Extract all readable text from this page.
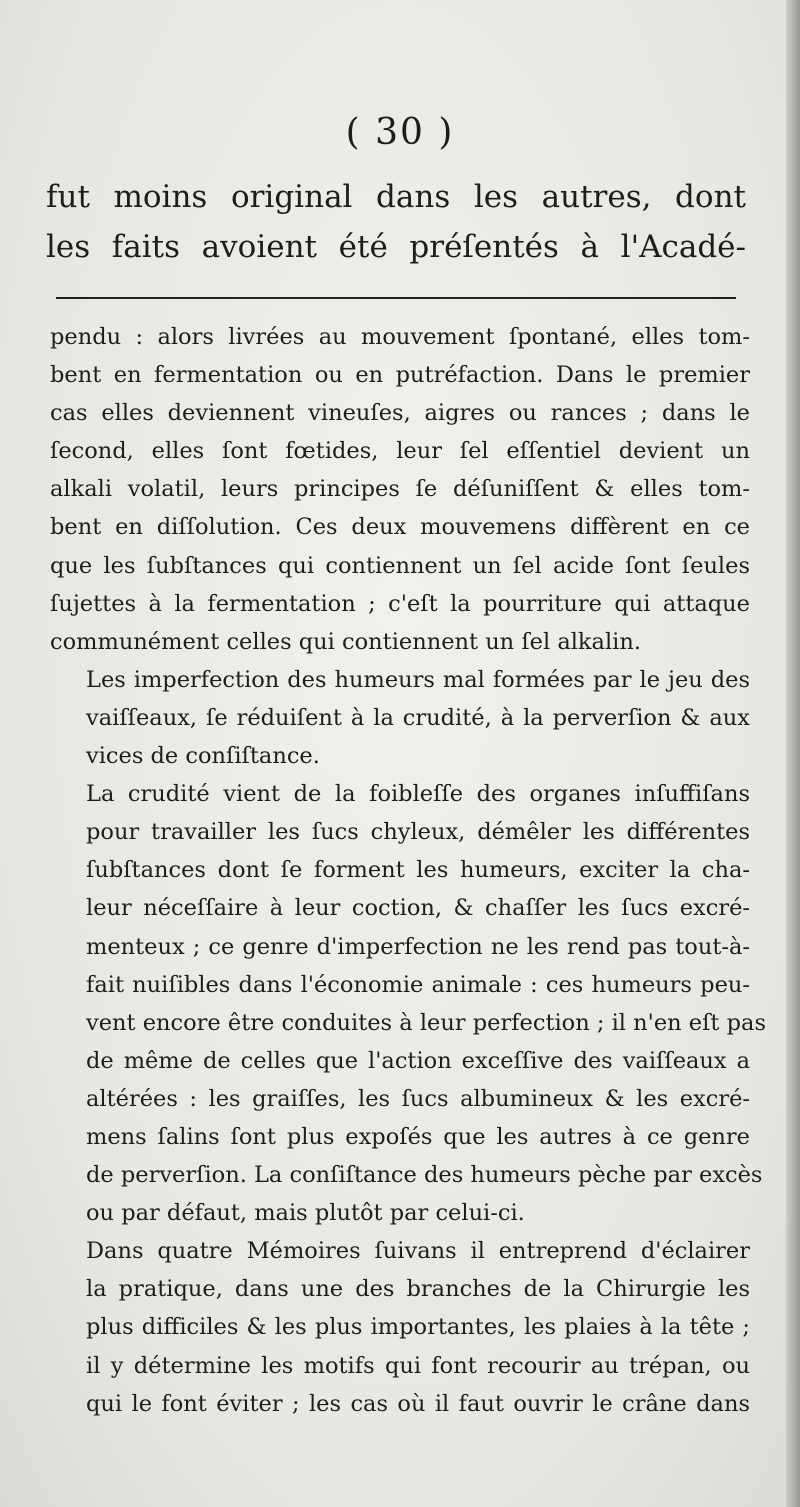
( 30 )

fut moins original dans les autres, dont

les faits avoient été préſentés à l'Acadé-

pendu : alors livrées au mouvement ſpontané, elles tom-
bent en fermentation ou en putréfaction. Dans le premier
cas elles deviennent vineuſes, aigres ou rances ; dans le
ſecond, elles ſont fœtides, leur ſel eſſentiel devient un
alkali volatil, leurs principes ſe déſuniſſent & elles tom-
bent en diſſolution. Ces deux mouvemens diffèrent en ce
que les ſubſtances qui contiennent un ſel acide ſont ſeules
ſujettes à la fermentation ; c'eſt la pourriture qui attaque
communément celles qui contiennent un ſel alkalin.

Les imperfection des humeurs mal formées par le jeu des
vaiſſeaux, ſe réduiſent à la crudité, à la perverſion & aux
vices de conſiſtance.

La crudité vient de la foibleſſe des organes inſuffiſans
pour travailler les ſucs chyleux, démêler les différentes
ſubſtances dont ſe forment les humeurs, exciter la cha-
leur néceſſaire à leur coction, & chaſſer les ſucs excré-
menteux ; ce genre d'imperfection ne les rend pas tout-à-
fait nuiſibles dans l'économie animale : ces humeurs peu-
vent encore être conduites à leur perfection ; il n'en eſt pas
de même de celles que l'action exceſſive des vaiſſeaux a
altérées : les graiſſes, les ſucs albumineux & les excré-
mens ſalins ſont plus expoſés que les autres à ce genre
de perverſion. La conſiſtance des humeurs pèche par excès
ou par défaut, mais plutôt par celui-ci.

Dans quatre Mémoires ſuivans il entreprend d'éclairer
la pratique, dans une des branches de la Chirurgie les
plus difficiles & les plus importantes, les plaies à la tête ;
il y détermine les motifs qui font recourir au trépan, ou
qui le font éviter ; les cas où il faut ouvrir le crâne dans
